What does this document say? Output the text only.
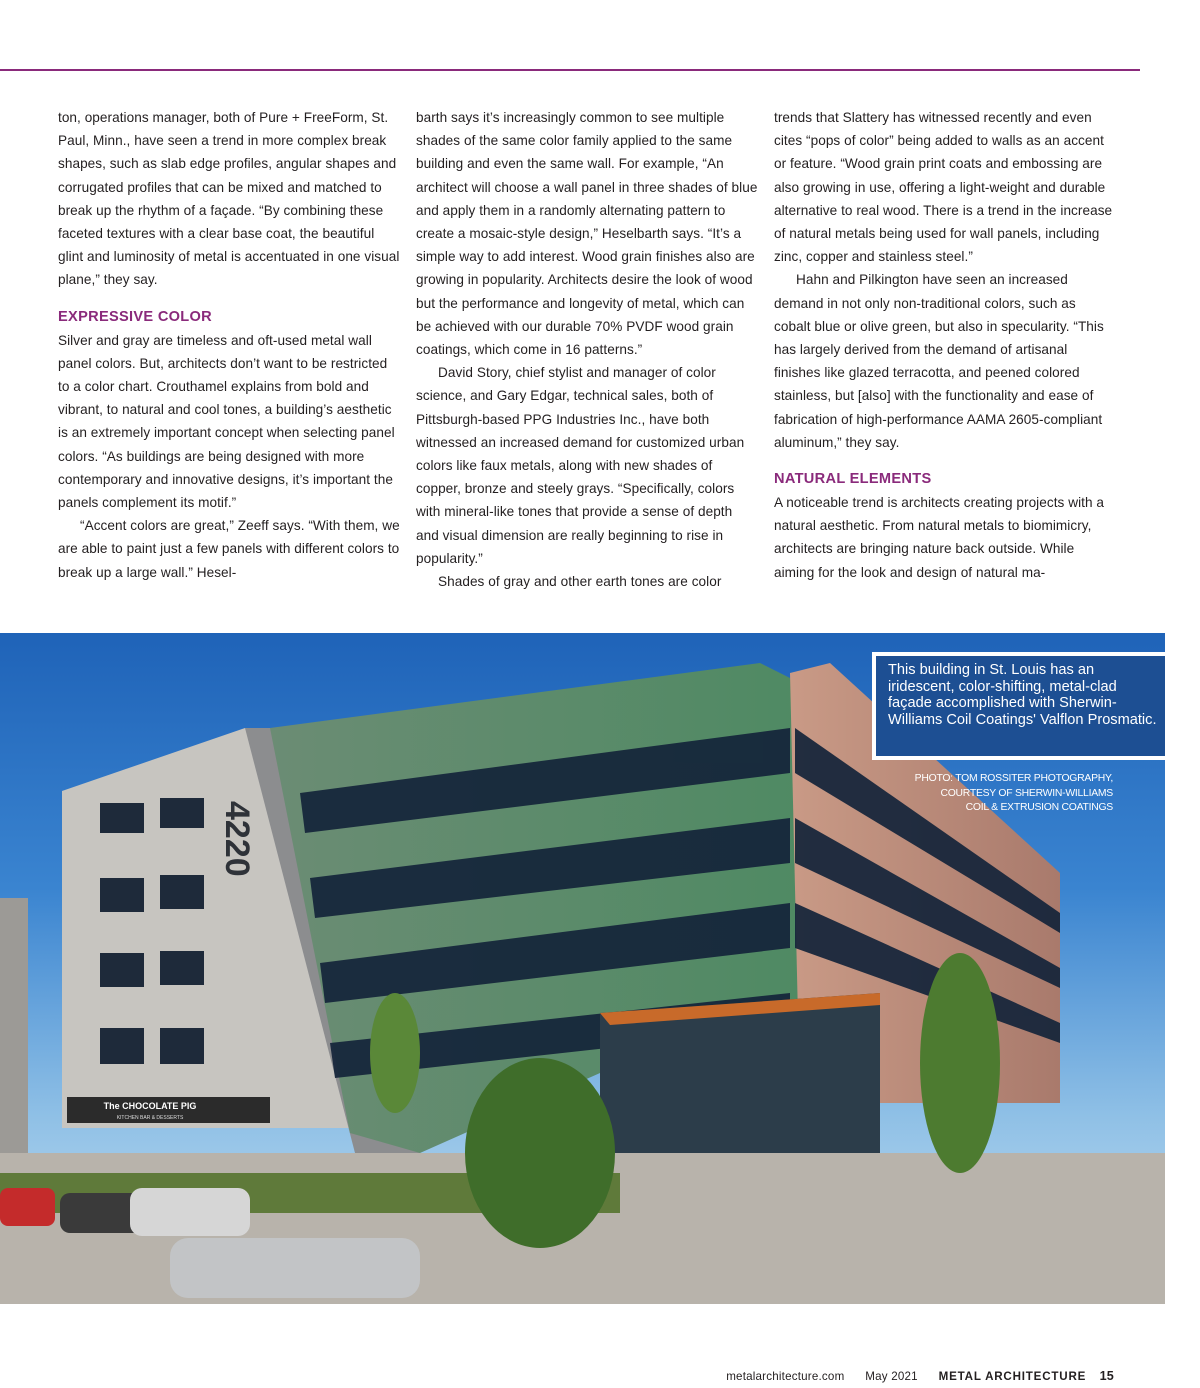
ton, operations manager, both of Pure + FreeForm, St. Paul, Minn., have seen a trend in more complex break shapes, such as slab edge profiles, angular shapes and corrugated profiles that can be mixed and matched to break up the rhythm of a façade. “By combining these faceted textures with a clear base coat, the beautiful glint and luminosity of metal is accentuated in one visual plane,” they say.

EXPRESSIVE COLOR

Silver and gray are timeless and oft-used metal wall panel colors. But, architects don’t want to be restricted to a color chart. Crouthamel explains from bold and vibrant, to natural and cool tones, a building’s aesthetic is an extremely important concept when selecting panel colors. “As buildings are being designed with more contemporary and innovative designs, it’s important the panels complement its motif.”

“Accent colors are great,” Zeeff says. “With them, we are able to paint just a few panels with different colors to break up a large wall.” Hesel-

barth says it’s increasingly common to see multiple shades of the same color family applied to the same building and even the same wall. For example, “An architect will choose a wall panel in three shades of blue and apply them in a randomly alternating pattern to create a mosaic-style design,” Heselbarth says. “It’s a simple way to add interest. Wood grain finishes also are growing in popularity. Architects desire the look of wood but the performance and longevity of metal, which can be achieved with our durable 70% PVDF wood grain coatings, which come in 16 patterns.”

David Story, chief stylist and manager of color science, and Gary Edgar, technical sales, both of Pittsburgh-based PPG Industries Inc., have both witnessed an increased demand for customized urban colors like faux metals, along with new shades of copper, bronze and steely grays. “Specifically, colors with mineral-like tones that provide a sense of depth and visual dimension are really beginning to rise in popularity.”

Shades of gray and other earth tones are color

trends that Slattery has witnessed recently and even cites “pops of color” being added to walls as an accent or feature. “Wood grain print coats and embossing are also growing in use, offering a light-weight and durable alternative to real wood. There is a trend in the increase of natural metals being used for wall panels, including zinc, copper and stainless steel.”

Hahn and Pilkington have seen an increased demand in not only non-traditional colors, such as cobalt blue or olive green, but also in specularity. “This has largely derived from the demand of artisanal finishes like glazed terracotta, and peened colored stainless, but [also] with the functionality and ease of fabrication of high-performance AAMA 2605-compliant aluminum,” they say.

NATURAL ELEMENTS

A noticeable trend is architects creating projects with a natural aesthetic. From natural metals to biomimicry, architects are bringing nature back outside. While aiming for the look and design of natural ma-

The CHOCOLATE PIG
KITCHEN BAR & DESSERTS
4220
This building in St. Louis has an iridescent, color-shifting, metal-clad façade accomplished with Sherwin-Williams Coil Coatings' Valflon Prosmatic.
PHOTO: TOM ROSSITER PHOTOGRAPHY,
COURTESY OF SHERWIN-WILLIAMS
COIL & EXTRUSION COATINGS
metalarchitecture.com May 2021 METAL ARCHITECTURE 15
